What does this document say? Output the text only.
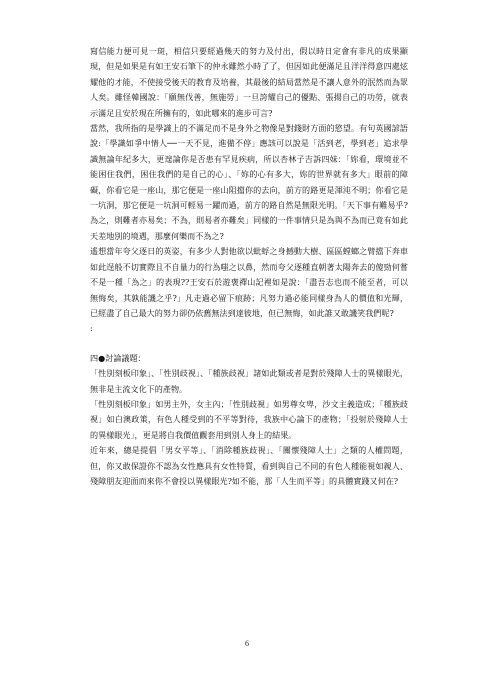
寫信能力便可見一斑，相信只要經過幾天的努力及付出，假以時日定會有非凡的成果顯現，但是如果是有如王安石筆下的仲永雖然小時了了，但因如此便滿足且洋洋得意四處炫耀他的才能，不使接受後天的教育及培養，其最後的結局當然是不讓人意外的泯然而為眾人矣。雖怪韓國說：「願無伐善，無施勞」一旦誇耀自己的優點、張揚自己的功勞，就表示滿足且安於現在所擁有的，如此哪來的進步可言?

當然，我所指的是學識上的不滿足而不是身外之物像是對錢財方面的慾望。有句英國諺語說:「學識如爭中情人──一天不見，進備不停」應該可以說是「活到老，學到老」追求學識無論年紀多大，更遑論你是否患有罕見疾病，所以杏林子吉訴四妹：「妳看，環境並不能困住我們，困住我們的是自己的心」、「妳的心有多大，妳的世界就有多大」眼前的障礙，你看它是一座山，那它便是一座山阻擋你的去向，前方的路更是渾沌不明；你看它是一坑洞，那它便是一坑洞可輕易一躍而過，前方的路自然是無限光明。「天下事有難易乎?為之，則難者亦易矣；不為，則易者亦難矣」同樣的一件事情只是為與不為而已竟有如此天差地別的境遇，那麼何樂而不為之?

遙想當年夸父逐日的英姿，有多少人對他欲以蚍蜉之身撼動大樹、區區螳螂之臂擋下奔車如此逞般不切實際且不自量力的行為嗤之以鼻，然而夸父逐種直朝著太陽奔去的傻勁何嘗不是一種「為之」的表現??王安石於遊褒禪山記裡如是說：「盡吾志也而不能至者，可以無悔矣，其孰能譏之乎?」凡走過必留下痕跡；凡努力過必能同樣身為人的價值和光輝，已經盡了自己最大的努力卻仍依舊無法到達彼地，但已無悔，如此誰又敢譏笑我們呢?

:

四●討論議題：

「性別刻板印象」、「性別歧視」、「種族歧視」諸如此類或者是對於殘障人士的異樣眼光，無非是主流文化下的產物。

「性別刻板印象」如男主外，女主內；「性別歧視」如男尊女卑，沙文主義造成；「種族歧視」如白澳政策，有色人種受到的不平等對待，我族中心論下的產物；「投射於殘障人士的異樣眼光」，更是將自我價值觀套用到別人身上的結果。

近年來，總是提倡「男女平等」、「消除種族歧視」、「關懷殘障人士」之類的人權問題，但，你又敢保證你不認為女性應具有女性特質，看到與自己不同的有色人種能視如親人、殘障朋友迎面而來你不會投以異樣眼光?如不能，那「人生而平等」的具體實踐又何在?

6
